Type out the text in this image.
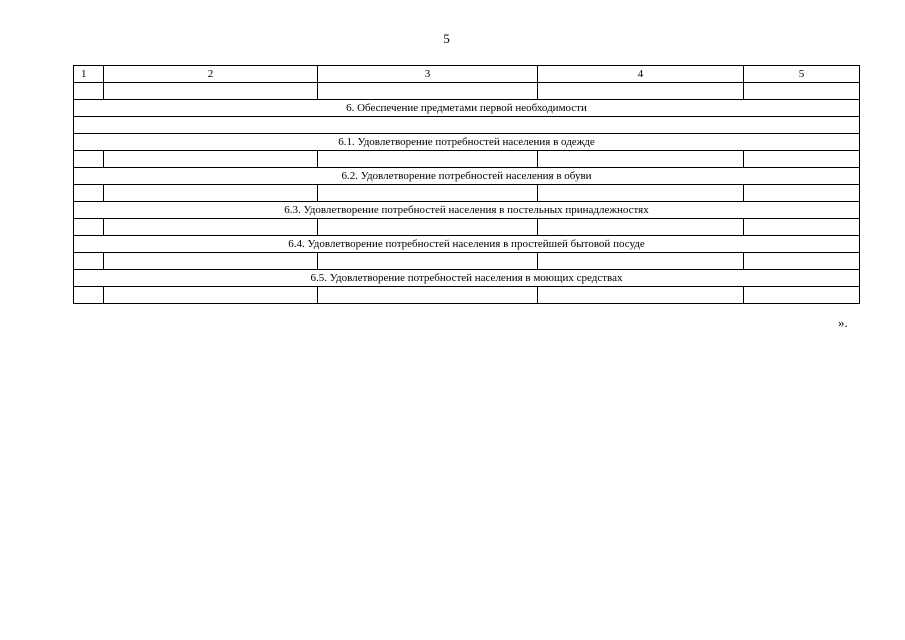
5
1	2	3	4	5

6. Обеспечение предметами первой необходимости				

6.1. Удовлетворение потребностей населения в одежде				

6.2. Удовлетворение потребностей населения в обуви				

6.3. Удовлетворение потребностей населения в постельных принадлежностях				

6.4. Удовлетворение потребностей населения в простейшей бытовой посуде				

6.5. Удовлетворение потребностей населения в моющих средствах				

».
